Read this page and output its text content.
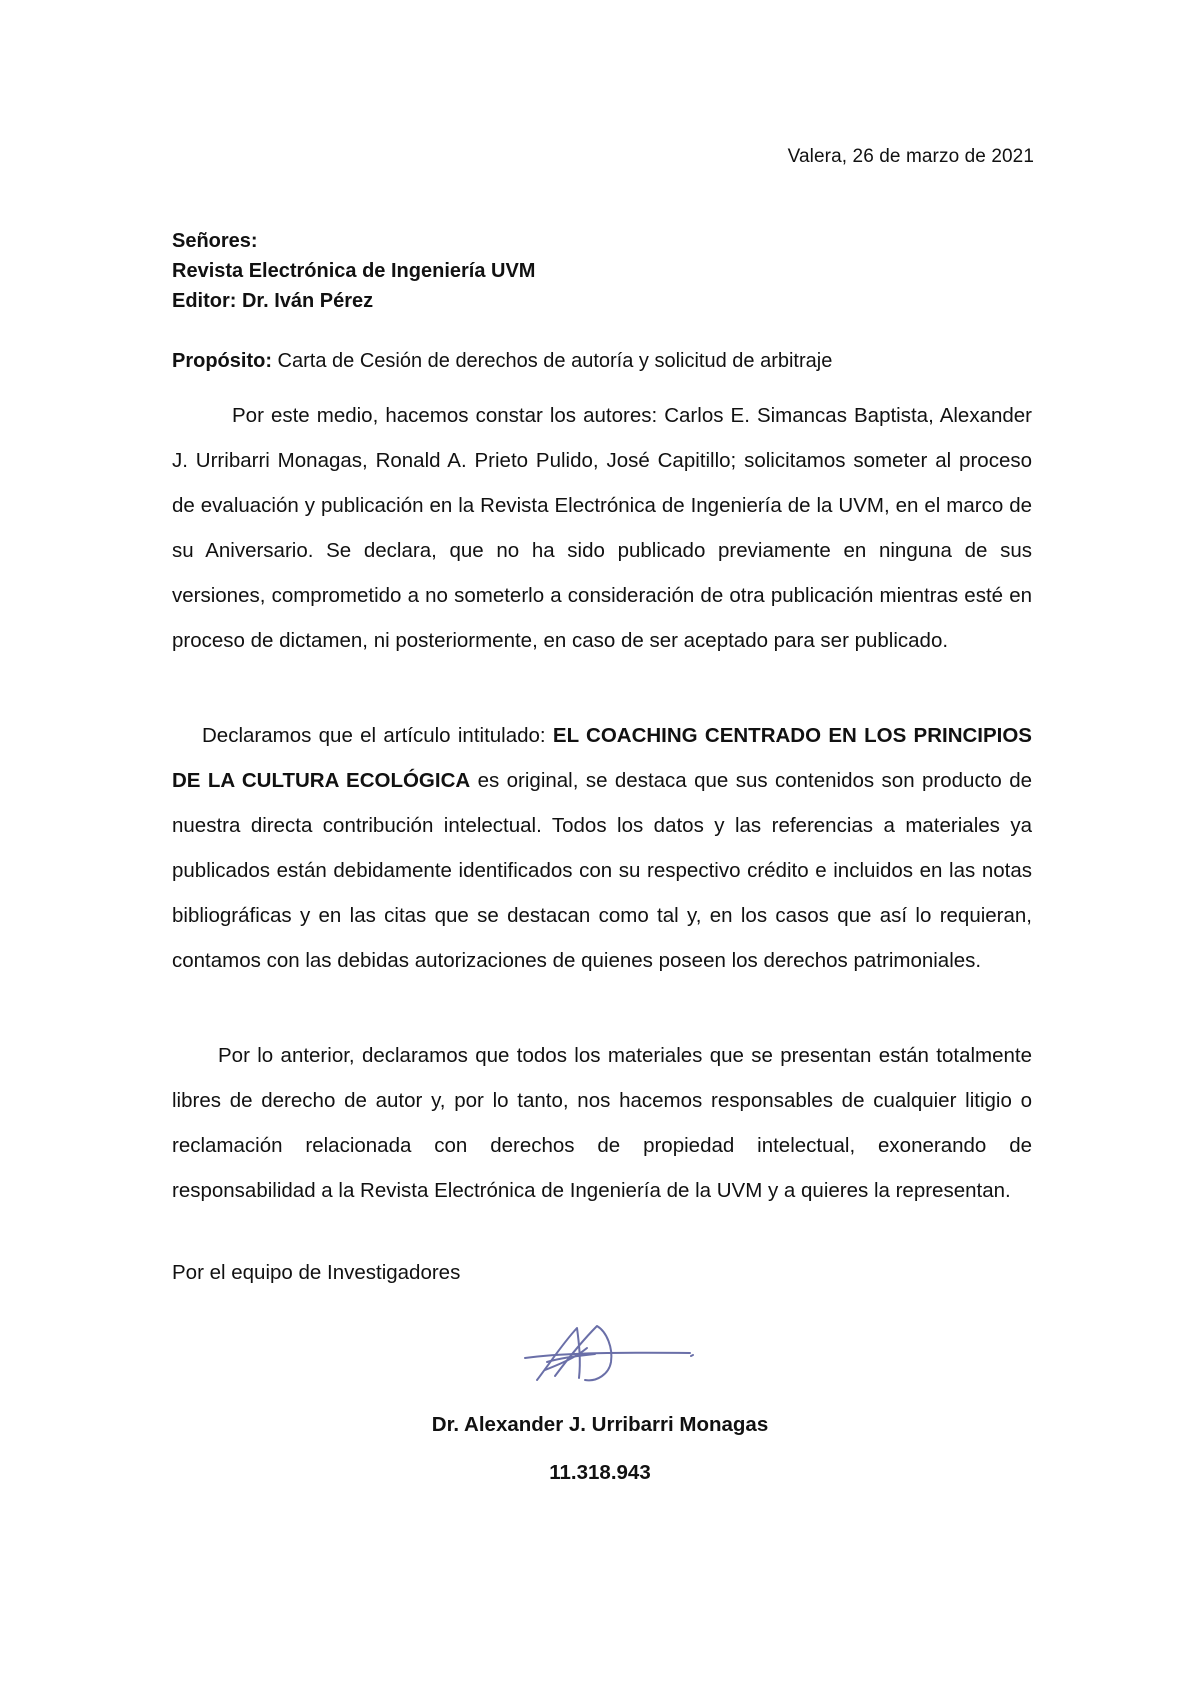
Valera, 26 de marzo de 2021
Señores:
Revista Electrónica de Ingeniería UVM
Editor: Dr. Iván Pérez
Propósito: Carta de Cesión de derechos de autoría y solicitud de arbitraje
Por este medio, hacemos constar los autores: Carlos E. Simancas Baptista, Alexander J. Urribarri Monagas, Ronald A. Prieto Pulido, José Capitillo; solicitamos someter al proceso de evaluación y publicación en la Revista Electrónica de Ingeniería de la UVM, en el marco de su Aniversario. Se declara, que no ha sido publicado previamente en ninguna de sus versiones, comprometido a no someterlo a consideración de otra publicación mientras esté en proceso de dictamen, ni posteriormente, en caso de ser aceptado para ser publicado.
Declaramos que el artículo intitulado: EL COACHING CENTRADO EN LOS PRINCIPIOS DE LA CULTURA ECOLÓGICA es original, se destaca que sus contenidos son producto de nuestra directa contribución intelectual. Todos los datos y las referencias a materiales ya publicados están debidamente identificados con su respectivo crédito e incluidos en las notas bibliográficas y en las citas que se destacan como tal y, en los casos que así lo requieran, contamos con las debidas autorizaciones de quienes poseen los derechos patrimoniales.
Por lo anterior, declaramos que todos los materiales que se presentan están totalmente libres de derecho de autor y, por lo tanto, nos hacemos responsables de cualquier litigio o reclamación relacionada con derechos de propiedad intelectual, exonerando de responsabilidad a la Revista Electrónica de Ingeniería de la UVM y a quieres la representan.
Por el equipo de Investigadores
Dr. Alexander J. Urribarri Monagas
11.318.943
